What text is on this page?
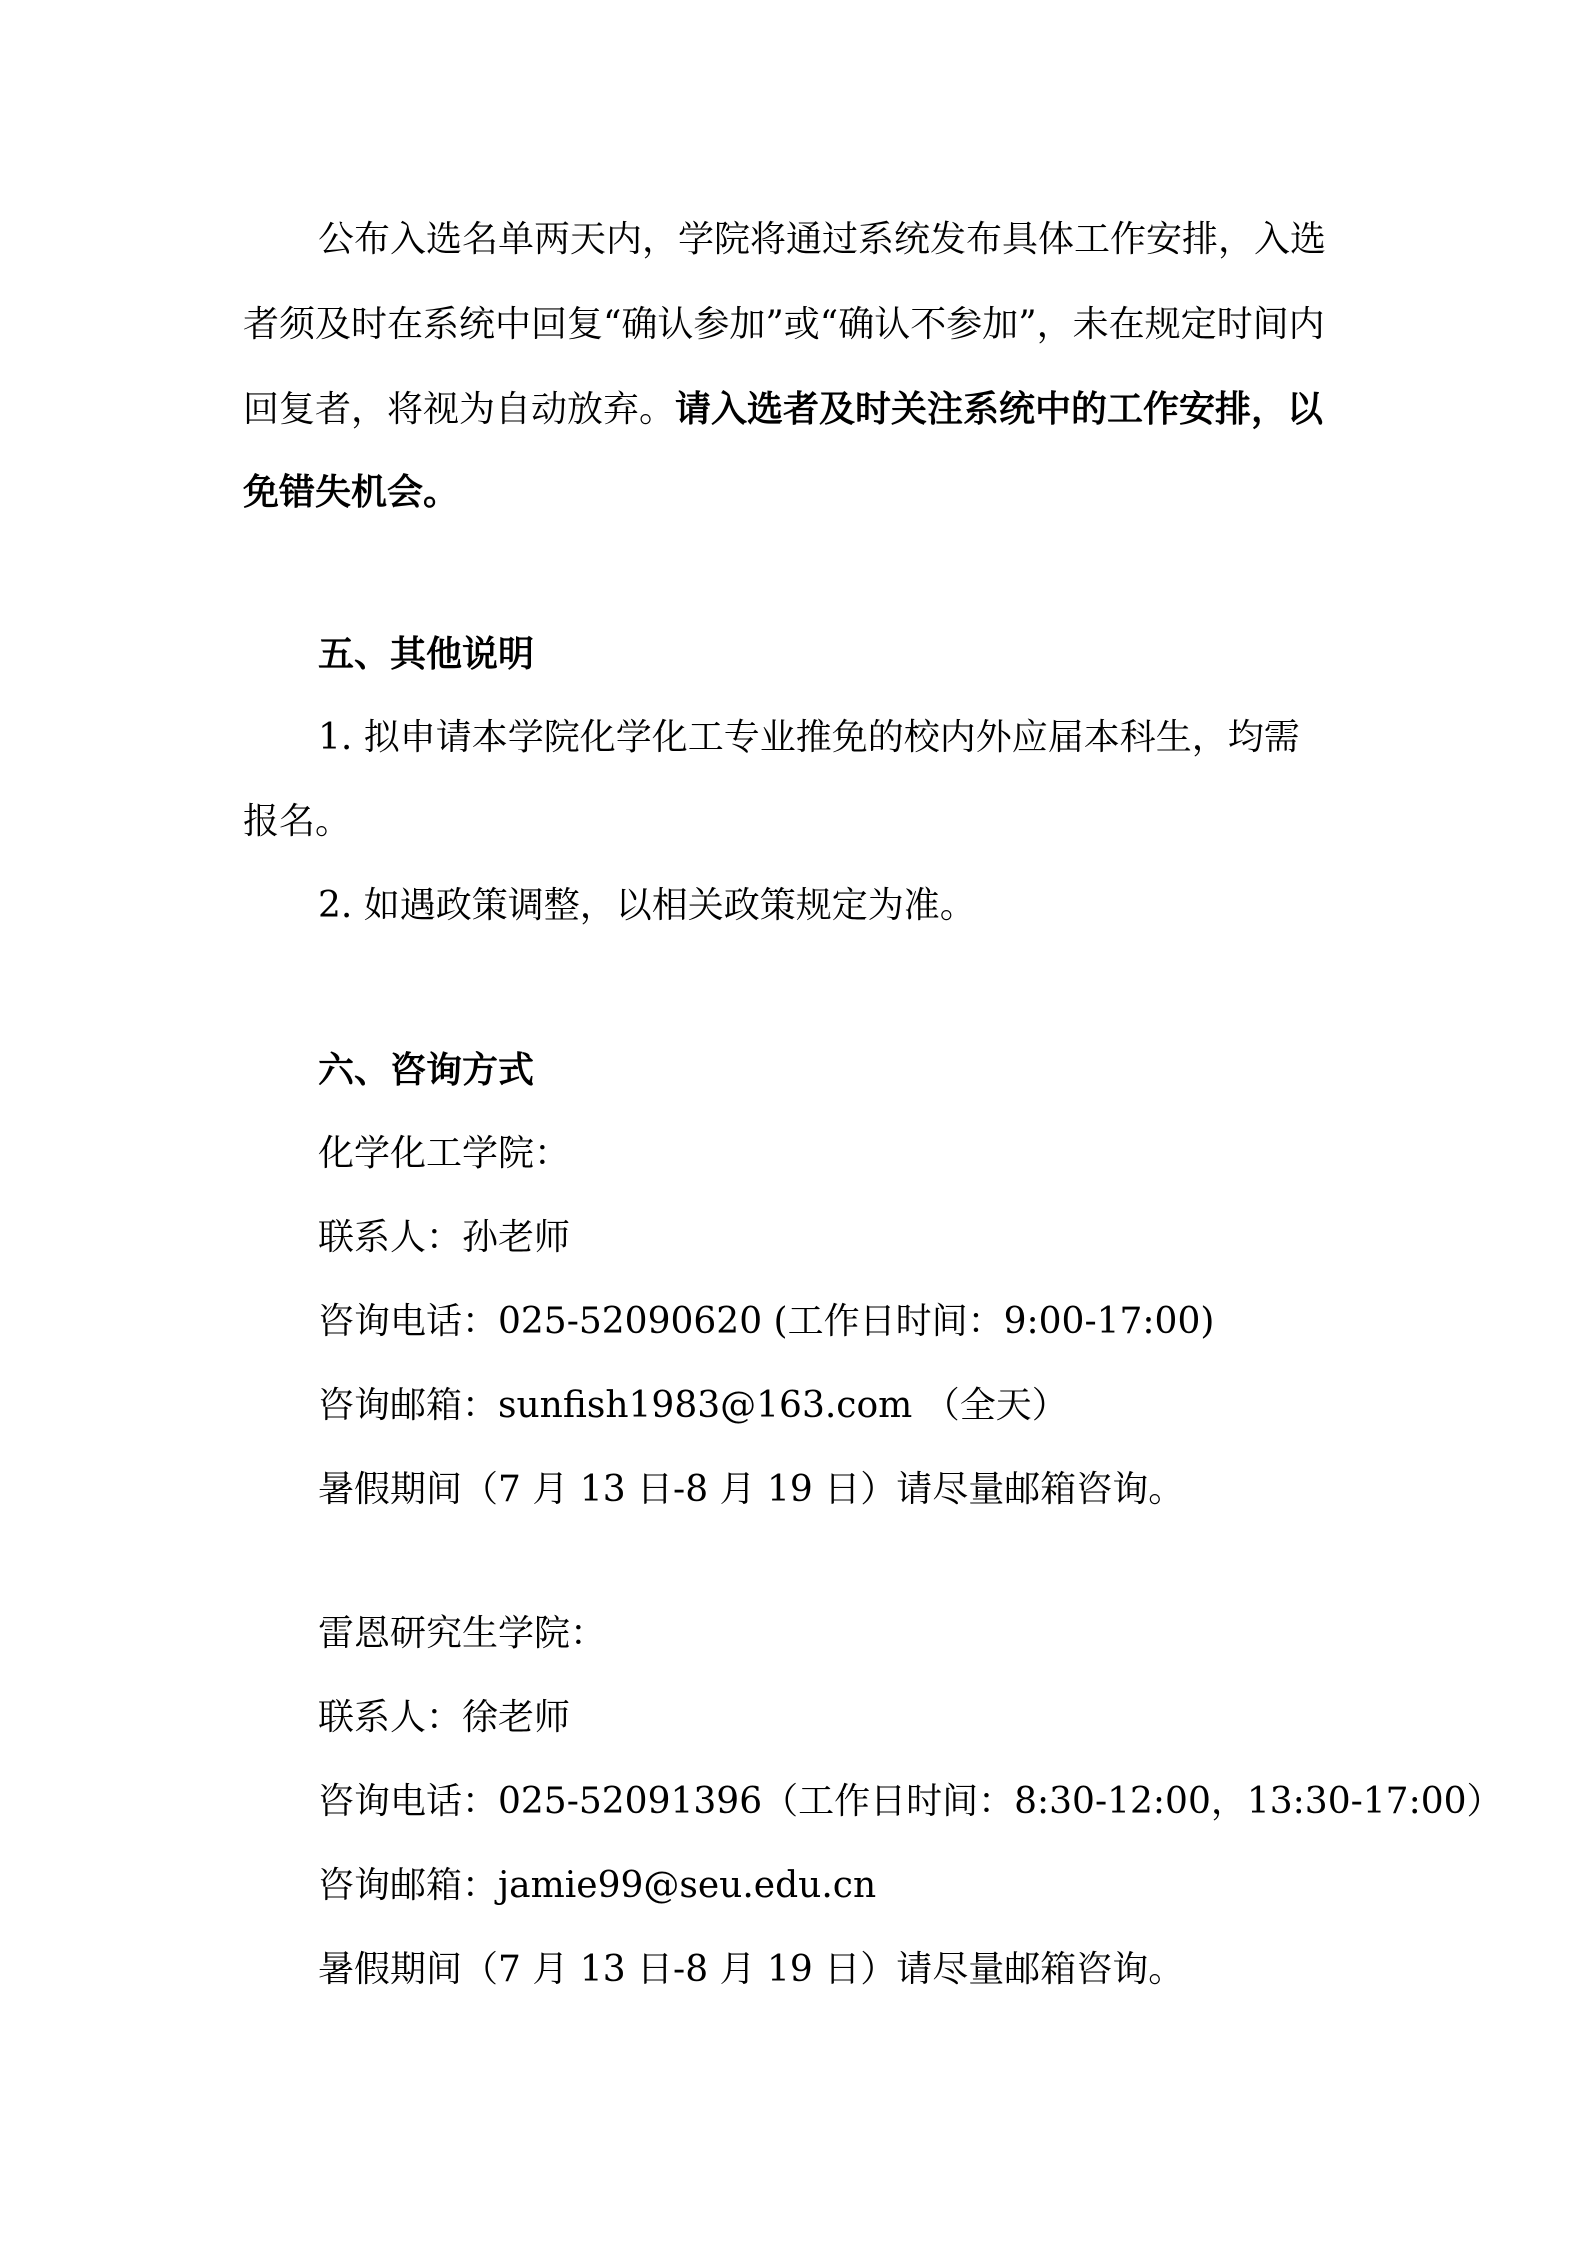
公布入选名单两天内，学院将通过系统发布具体工作安排，入选
者须及时在系统中回复“确认参加”或“确认不参加”，未在规定时间内
回复者，将视为自动放弃。请入选者及时关注系统中的工作安排，以
免错失机会。
五、其他说明
1. 拟申请本学院化学化工专业推免的校内外应届本科生，均需
报名。
2. 如遇政策调整，以相关政策规定为准。
六、咨询方式
化学化工学院：
联系人：孙老师
咨询电话：025-52090620 (工作日时间：9:00-17:00)
咨询邮箱：sunfish1983@163.com （全天）
暑假期间（7 月 13 日-8 月 19 日）请尽量邮箱咨询。
雷恩研究生学院：
联系人：徐老师
咨询电话：025-52091396（工作日时间：8:30-12:00，13:30-17:00）
咨询邮箱：jamie99@seu.edu.cn
暑假期间（7 月 13 日-8 月 19 日）请尽量邮箱咨询。
